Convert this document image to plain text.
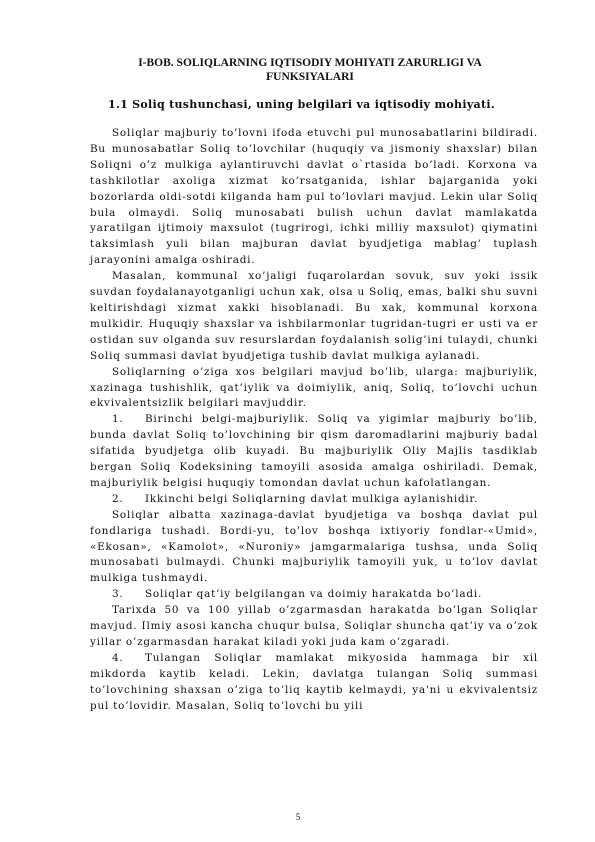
I-BOB. SOLIQLARNING IQTISODIY MOHIYATI ZARURLIGI VA
FUNKSIYALARI
1.1 Soliq tushunchasi, uning belgilari va iqtisodiy mohiyati.

Soliqlar majburiy to’lovni ifoda etuvchi pul munosabatlarini bildiradi. Bu munosabatlar Soliq to’lovchilar (huquqiy va jismoniy shaxslar) bilan Soliqni o’z mulkiga aylantiruvchi davlat o`rtasida bo’ladi. Korxona va tashkilotlar axoliga xizmat ko’rsatganida, ishlar bajarganida yoki bozorlarda oldi-sotdi kilganda ham pul to’lovlari mavjud. Lekin ular Soliq bula olmaydi. Soliq munosabati bulish uchun davlat mamlakatda yaratilgan ijtimoiy maxsulot (tugrirogi, ichki milliy maxsulot) qiymatini taksimlash yuli bilan majburan davlat byudjetiga mablag’ tuplash jarayonini amalga oshiradi.

Masalan, kommunal xo’jaligi fuqarolardan sovuk, suv yoki issik suvdan foydalanayotganligi uchun xak, olsa u Soliq, emas, balki shu suvni keltirishdagi xizmat xakki hisoblanadi. Bu xak, kommunal korxona mulkidir. Huquqiy shaxslar va ishbilarmonlar tugridan-tugri er usti va er ostidan suv olganda suv resurslardan foydalanish solig’ini tulaydi, chunki Soliq summasi davlat byudjetiga tushib davlat mulkiga aylanadi.

Soliqlarning o’ziga xos belgilari mavjud bo’lib, ularga: majburiylik, xazinaga tushishlik, qat’iylik va doimiylik, aniq, Soliq, to’lovchi uchun ekvivalentsizlik belgilari mavjuddir.

1. Birinchi belgi-majburiylik. Soliq va yigimlar majburiy bo’lib, bunda davlat Soliq to’lovchining bir qism daromadlarini majburiy badal sifatida byudjetga olib kuyadi. Bu majburiylik Oliy Majlis tasdiklab bergan Soliq Kodeksining tamoyili asosida amalga oshiriladi. Demak, majburiylik belgisi huquqiy tomondan davlat uchun kafolatlangan.

2. Ikkinchi belgi Soliqlarning davlat mulkiga aylanishidir.

Soliqlar albatta xazinaga-davlat byudjetiga va boshqa davlat pul fondlariga tushadi. Bordi-yu, to’lov boshqa ixtiyoriy fondlar-«Umid», «Ekosan», «Kamolot», «Nuroniy» jamgarmalariga tushsa, unda Soliq munosabati bulmaydi. Chunki majburiylik tamoyili yuk, u to’lov davlat mulkiga tushmaydi.

3. Soliqlar qat’iy belgilangan va doimiy harakatda bo’ladi.

Tarixda 50 va 100 yillab o’zgarmasdan harakatda bo’lgan Soliqlar mavjud. Ilmiy asosi kancha chuqur bulsa, Soliqlar shuncha qat’iy va o’zok yillar o’zgarmasdan harakat kiladi yoki juda kam o’zgaradi.

4. Tulangan Soliqlar mamlakat mikyosida hammaga bir xil mikdorda kaytib keladi. Lekin, davlatga tulangan Soliq summasi to’lovchining shaxsan o’ziga to’liq kaytib kelmaydi, ya'ni u ekvivalentsiz pul to’lovidir. Masalan, Soliq to’lovchi bu yili

5
